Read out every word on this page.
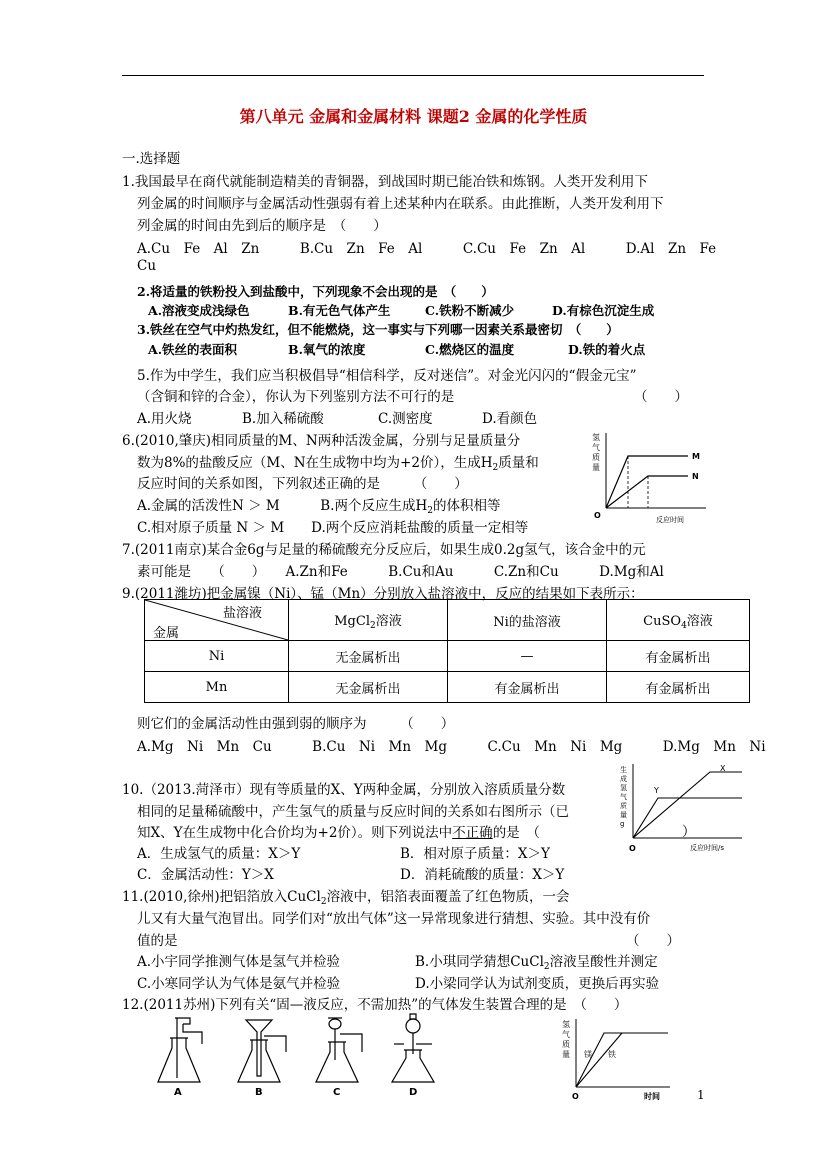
第八单元 金属和金属材料 课题2 金属的化学性质
一.选择题
1.我国最早在商代就能制造精美的青铜器，到战国时期已能冶铁和炼钢。人类开发利用下
列金属的时间顺序与金属活动性强弱有着上述某种内在联系。由此推断，人类开发利用下
列金属的时间由先到后的顺序是　（　　）
A.Cu　Fe　Al　Zn　　　B.Cu　Zn　Fe　Al　　　C.Cu　Fe　Zn　Al　　　D.Al　Zn　Fe
Cu
2.将适量的铁粉投入到盐酸中，下列现象不会出现的是　（　　）
A.溶液变成浅绿色	B.有无色气体产生	C.铁粉不断减少	D.有棕色沉淀生成
3.铁丝在空气中灼热发红，但不能燃烧，这一事实与下列哪一因素关系最密切　（　　）
A.铁丝的表面积	B.氧气的浓度	C.燃烧区的温度	D.铁的着火点
5.作为中学生，我们应当积极倡导“相信科学，反对迷信”。对金光闪闪的“假金元宝”
（含铜和锌的合金），你认为下列鉴别方法不可行的是	（　　）
A.用火烧	B.加入稀硫酸	C.测密度	D.看颜色
6.(2010,肇庆)相同质量的M、N两种活泼金属，分别与足量质量分
数为8%的盐酸反应（M、N在生成物中均为+2价），生成$H_2$质量和
反应时间的关系如图，下列叙述正确的是　　　（　　）
A.金属的活泼性N ＞ M　　　B.两个反应生成$H_2$的体积相等
C.相对原子质量 N ＞ M　　D.两个反应消耗盐酸的质量一定相等
氢
气
质
量
M
N
O	反应时间
7.(2011南京)某合金6g与足量的稀硫酸充分反应后，如果生成0.2g氢气，该合金中的元
素可能是　　（　　）　　A.Zn和Fe　　　B.Cu和Au　　　C.Zn和Cu　　　D.Mg和Al
9.(2011潍坊)把金属镍（Ni）、锰（Mn）分别放入盐溶液中，反应的结果如下表所示：
盐溶液
金属	MgCl$_2$溶液	Ni的盐溶液	CuSO$_4$溶液
Ni	无金属析出	—	有金属析出
Mn	无金属析出	有金属析出	有金属析出
则它们的金属活动性由强到弱的顺序为　　　（　　）
A.Mg　Ni　Mn　Cu　　　B.Cu　Ni　Mn　Mg　　　C.Cu　Mn　Ni　Mg　　　D.Mg　Mn　Ni
10.（2013.菏泽市）现有等质量的X、Y两种金属，分别放入溶质质量分数
相同的足量稀硫酸中，产生氢气的质量与反应时间的关系如右图所示（已
知X、Y在生成物中化合价均为+2价）。则下列说法中不正确的是　（	）
A．生成氢气的质量：X＞Y	B．相对原子质量：X＞Y
C．金属活动性：Y＞X	D．消耗硫酸的质量：X＞Y
生
成
氢
气
质
量
g
Y
X
O	反应时间/s
11.(2010,徐州)把铝箔放入CuCl$_2$溶液中，铝箔表面覆盖了红色物质，一会
儿又有大量气泡冒出。同学们对“放出气体”这一异常现象进行猜想、实验。其中没有价
值的是	（　　）
A.小宇同学推测气体是氢气并检验	B.小琪同学猜想CuCl$_2$溶液呈酸性并测定
C.小寒同学认为气体是氨气并检验	D.小梁同学认为试剂变质，更换后再实验
12.(2011苏州)下列有关“固—液反应，不需加热”的气体发生装置合理的是　（　　）
A	B	C	D
氢
气
质
量 镁 铁
O	时间	1
